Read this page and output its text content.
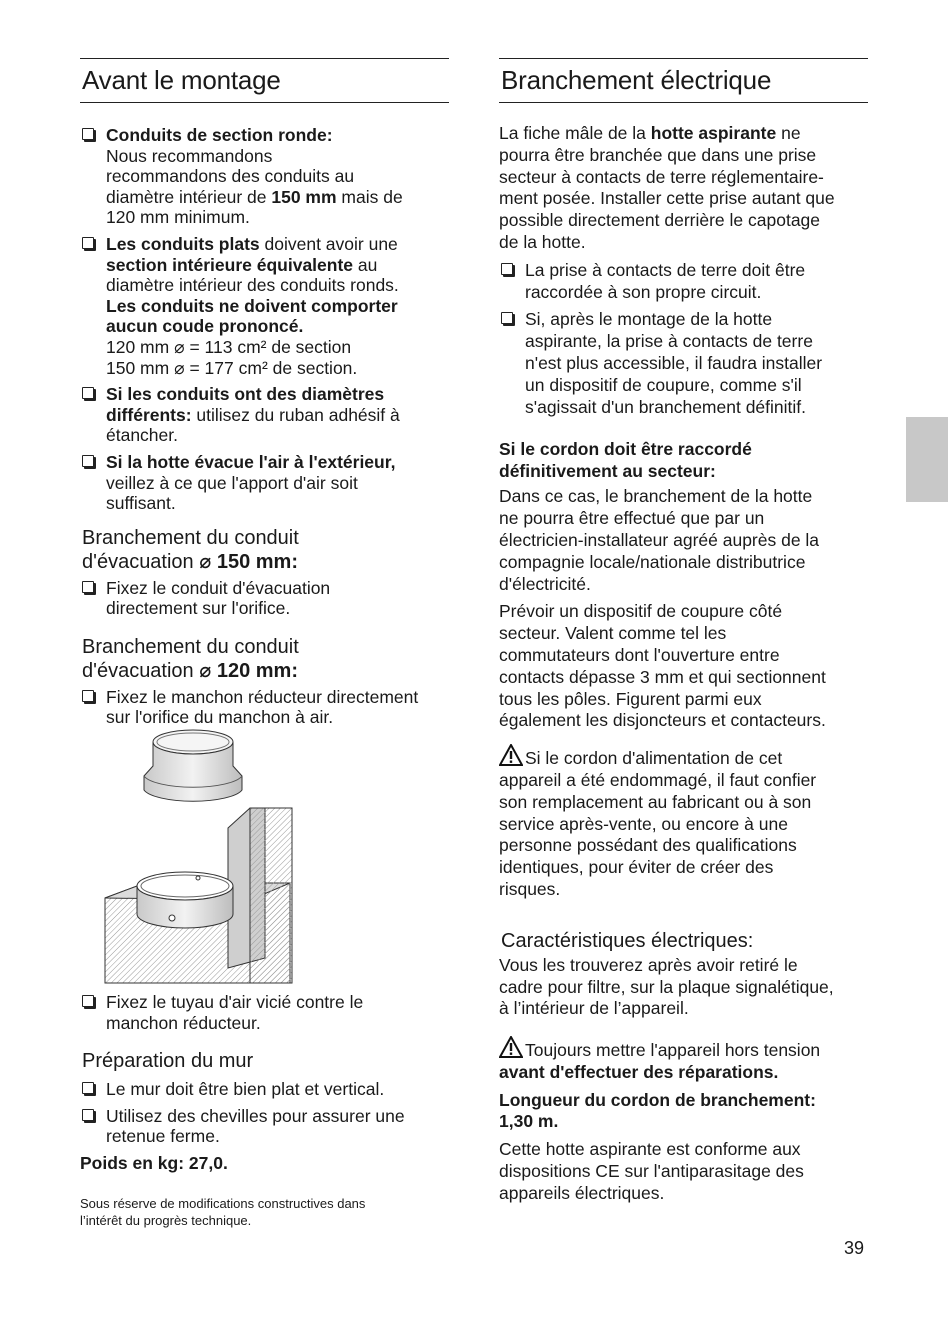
Avant le montage
Conduits de section ronde:
Nous recommandons
recommandons des conduits au
diamètre intérieur de 150 mm mais de
120 mm minimum.
Les conduits plats doivent avoir une
section intérieure équivalente au
diamètre intérieur des conduits ronds.
Les conduits ne doivent comporter
aucun coude prononcé.
120 mm ⌀ = 113 cm² de section
150 mm ⌀ = 177 cm² de section.
Si les conduits ont des diamètres
différents: utilisez du ruban adhésif à
étancher.
Si la hotte évacue l'air à l'extérieur,
veillez à ce que l'apport d'air soit
suffisant.
Branchement du conduit
d'évacuation ⌀ 150 mm:
Fixez le conduit d'évacuation
directement sur l'orifice.
Branchement du conduit
d'évacuation ⌀ 120 mm:
Fixez le manchon réducteur directement
sur l'orifice du manchon à air.
Fixez le tuyau d'air vicié contre le
manchon réducteur.
Préparation du mur
Le mur doit être bien plat et vertical.
Utilisez des chevilles pour assurer une
retenue ferme.

Poids en kg: 27,0.

Sous réserve de modifications constructives dans
l’intérêt du progrès technique.

Branchement électrique

La fiche mâle de la hotte aspirante ne
pourra être branchée que dans une prise
secteur à contacts de terre réglementaire-
ment posée. Installer cette prise autant que
possible directement derrière le capotage
de la hotte.

La prise à contacts de terre doit être
raccordée à son propre circuit.
Si, après le montage de la hotte
aspirante, la prise à contacts de terre
n'est plus accessible, il faudra installer
un dispositif de coupure, comme s'il
s'agissait d'un branchement définitif.

Si le cordon doit être raccordé
définitivement au secteur:

Dans ce cas, le branchement de la hotte
ne pourra être effectué que par un
électricien-installateur agréé auprès de la
compagnie locale/nationale distributrice
d'électricité.

Prévoir un dispositif de coupure côté
secteur. Valent comme tel les
commutateurs dont l'ouverture entre
contacts dépasse 3 mm et qui sectionnent
tous les pôles. Figurent parmi eux
également les disjoncteurs et contacteurs.

Si le cordon d'alimentation de cet
appareil a été endommagé, il faut confier
son remplacement au fabricant ou à son
service après-vente, ou encore à une
personne possédant des qualifications
identiques, pour éviter de créer des
risques.

Caractéristiques électriques:

Vous les trouverez après avoir retiré le
cadre pour filtre, sur la plaque signalétique,
à l’intérieur de l’appareil.

Toujours mettre l'appareil hors tension
avant d'effectuer des réparations.

Longueur du cordon de branchement:
1,30 m.

Cette hotte aspirante est conforme aux
dispositions CE sur l'antiparasitage des
appareils électriques.

39
